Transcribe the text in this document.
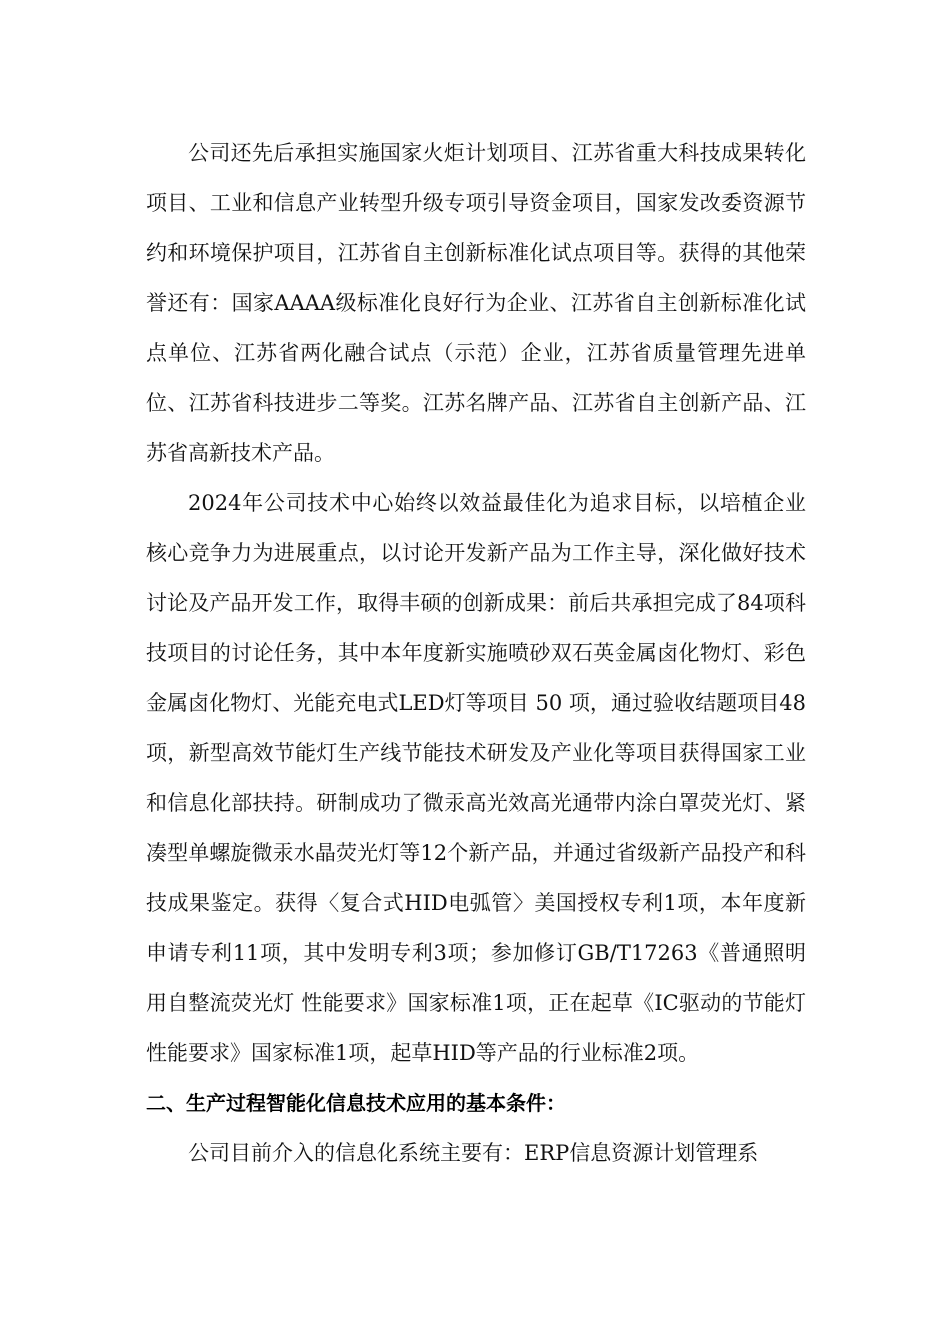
公司还先后承担实施国家火炬计划项目、江苏省重大科技成果转化项目、工业和信息产业转型升级专项引导资金项目，国家发改委资源节约和环境保护项目，江苏省自主创新标准化试点项目等。获得的其他荣誉还有：国家AAAA级标准化良好行为企业、江苏省自主创新标准化试点单位、江苏省两化融合试点（示范）企业，江苏省质量管理先进单位、江苏省科技进步二等奖。江苏名牌产品、江苏省自主创新产品、江苏省高新技术产品。

2024年公司技术中心始终以效益最佳化为追求目标，以培植企业核心竞争力为进展重点，以讨论开发新产品为工作主导，深化做好技术讨论及产品开发工作，取得丰硕的创新成果：前后共承担完成了84项科技项目的讨论任务，其中本年度新实施喷砂双石英金属卤化物灯、彩色金属卤化物灯、光能充电式LED灯等项目 50 项，通过验收结题项目48项，新型高效节能灯生产线节能技术研发及产业化等项目获得国家工业和信息化部扶持。研制成功了微汞高光效高光通带内涂白罩荧光灯、紧凑型单螺旋微汞水晶荧光灯等12个新产品，并通过省级新产品投产和科技成果鉴定。获得〈复合式HID电弧管〉美国授权专利1项，本年度新申请专利11项，其中发明专利3项；参加修订GB/T17263《普通照明用自整流荧光灯 性能要求》国家标准1项，正在起草《IC驱动的节能灯 性能要求》国家标准1项，起草HID等产品的行业标准2项。

二、生产过程智能化信息技术应用的基本条件：

公司目前介入的信息化系统主要有：ERP信息资源计划管理系
